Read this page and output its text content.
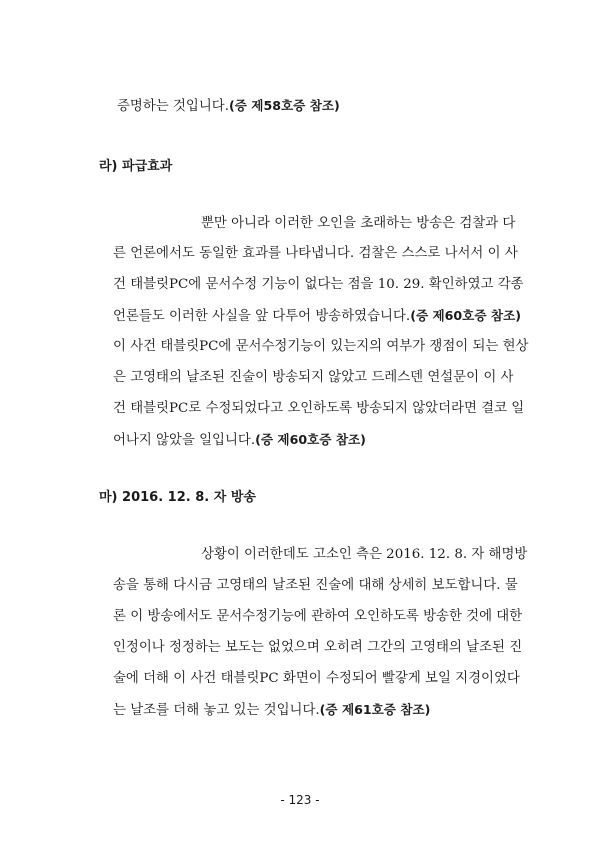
증명하는 것입니다.(증 제58호증 참조)
라) 파급효과
뿐만 아니라 이러한 오인을 초래하는 방송은 검찰과 다
른 언론에서도 동일한 효과를 나타냅니다. 검찰은 스스로 나서서 이 사
건 태블릿PC에 문서수정 기능이 없다는 점을 10. 29. 확인하였고 각종
언론들도 이러한 사실을 앞 다투어 방송하였습니다.(증 제60호증 참조)
이 사건 태블릿PC에 문서수정기능이 있는지의 여부가 쟁점이 되는 현상
은 고영태의 날조된 진술이 방송되지 않았고 드레스덴 연설문이 이 사
건 태블릿PC로 수정되었다고 오인하도록 방송되지 않았더라면 결코 일
어나지 않았을 일입니다.(증 제60호증 참조)
마) 2016. 12. 8. 자 방송
상황이 이러한데도 고소인 측은 2016. 12. 8. 자 해명방
송을 통해 다시금 고영태의 날조된 진술에 대해 상세히 보도합니다. 물
론 이 방송에서도 문서수정기능에 관하여 오인하도록 방송한 것에 대한
인정이나 정정하는 보도는 없었으며 오히려 그간의 고영태의 날조된 진
술에 더해 이 사건 태블릿PC 화면이 수정되어 빨갛게 보일 지경이었다
는 날조를 더해 놓고 있는 것입니다.(증 제61호증 참조)
- 123 -
